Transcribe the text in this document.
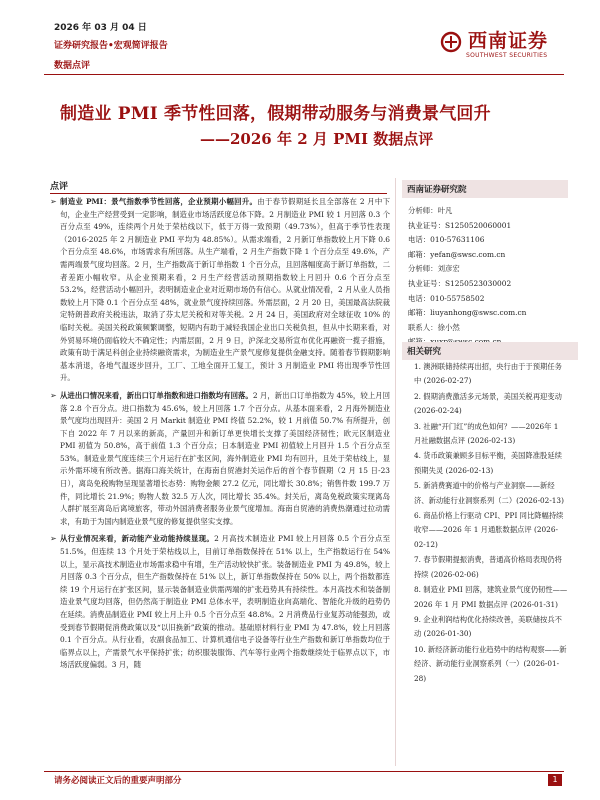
2026 年 03 月 04 日
证券研究报告•宏观简评报告
数据点评
西南证券
SOUTHWEST SECURITIES
制造业 PMI 季节性回落，假期带动服务与消费景气回升
——2026 年 2 月 PMI 数据点评
点评

➢ 制造业 PMI：景气指数季节性回落，企业预期小幅回升。由于春节假期延长且全部落在 2 月中下旬，企业生产经营受到一定影响，制造业市场活跃度总体下降。2 月制造业 PMI 较 1 月回落 0.3 个百分点至 49%，连续两个月处于荣枯线以下，低于万得一致预期（49.73%），但高于季节性表现（2016-2025 年 2 月制造业 PMI 平均为 48.85%）。从需求端看，2 月新订单指数较上月下降 0.6 个百分点至 48.6%，市场需求有所回落。从生产端看，2 月生产指数下降 1 个百分点至 49.6%，产需两端景气度均回落。2 月，生产指数高于新订单指数 1 个百分点，且回落幅度高于新订单指数，二者差距小幅收窄。从企业预期来看，2 月生产经营活动预期指数较上月回升 0.6 个百分点至 53.2%，经营活动小幅回升，表明制造业企业对近期市场仍有信心。从就业情况看，2 月从业人员指数较上月下降 0.1 个百分点至 48%，就业景气度持续回落。外需层面，2 月 20 日，美国最高法院裁定特朗普政府关税违法，取消了芬太尼关税和对等关税。2 月 24 日，美国政府对全球征收 10% 的临时关税。美国关税政策频繁调整，短期内有助于减轻我国企业出口关税负担，但从中长期来看，对外贸易环境仍面临较大不确定性；内需层面，2 月 9 日，沪深北交易所宣布优化再融资一揽子措施，政策有助于满足科创企业持续融资需求，为制造业生产景气度修复提供金融支持。随着春节假期影响基本消退，各地气温逐步回升，工厂、工地全面开工复工，预计 3 月制造业 PMI 将出现季节性回升。

➢ 从进出口情况来看，新出口订单指数和进口指数均有回落。2 月，新出口订单指数为 45%，较上月回落 2.8 个百分点。进口指数为 45.6%，较上月回落 1.7 个百分点。从基本面来看，2 月海外制造业景气度均出现回升：美国 2 月 Markit 制造业 PMI 终值 52.2%，较 1 月前值 50.7% 有所提升，创下自 2022 年 7 月以来的新高，产量回升和新订单更快增长支撑了美国经济韧性；欧元区制造业 PMI 初值为 50.8%，高于前值 1.3 个百分点；日本制造业 PMI 初值较上月回升 1.5 个百分点至 53%。制造业景气度连续三个月运行在扩张区间，海外制造业 PMI 均有回升，且处于荣枯线上，显示外需环境有所改善。据海口海关统计，在海南自贸港封关运作后的首个春节假期（2 月 15 日-23 日），离岛免税购物呈现显著增长态势：购物金额 27.2 亿元，同比增长 30.8%；销售件数 199.7 万件，同比增长 21.9%；购物人数 32.5 万人次，同比增长 35.4%。封关后，离岛免税政策实现离岛人群扩展至离岛后离境旅客，带动外国消费者服务业景气度增加。海南自贸港的消费热潮通过拉动需求，有助于为国内制造业景气度的修复提供坚实支撑。

➢ 从行业情况来看，新动能产业动能持续显现。2 月高技术制造业 PMI 较上月回落 0.5 个百分点至 51.5%，但连续 13 个月处于荣枯线以上，目前订单指数保持在 51% 以上，生产指数运行在 54% 以上，显示高技术制造业市场需求稳中有增，生产活动较快扩张。装备制造业 PMI 为 49.8%，较上月回落 0.3 个百分点，但生产指数保持在 51% 以上，新订单指数保持在 50% 以上，两个指数都连续 19 个月运行在扩张区间，显示装备制造业供需两端的扩张趋势具有持续性。本月高技术和装备制造业景气度均回落，但仍然高于制造业 PMI 总体水平，表明制造业向高端化、智能化升级的趋势仍在延续。消费品制造业 PMI 较上月上升 0.5 个百分点至 48.8%。2 月消费品行业复苏动能强劲，或受到春节假期促消费政策以及“以旧换新”政策的推动。基础原材料行业 PMI 为 47.8%，较上月回落 0.1 个百分点。从行业看，农副食品加工、计算机通信电子设备等行业生产指数和新订单指数均位于临界点以上，产需景气水平保持扩张；纺织服装服饰、汽车等行业两个指数继续处于临界点以下，市场活跃度偏弱。3 月，随

西南证券研究院
分析师：叶凡
执业证号：S1250520060001
电话：010-57631106
邮箱：yefan@swsc.com.cn
分析师：刘彦宏
执业证号：S1250523030002
电话：010-55758502
邮箱：liuyanhong@swsc.com.cn
联系人：徐小然
相关研究
1. 澳洲联储持续再出招，央行由于于预期任务中 (2026-02-27)
2. 假期消费激活多元场景，美国关税再迎变动 (2026-02-24)
3. 社融“开门红”的成色如何？——2026年 1 月社融数据点评 (2026-02-13)
4. 货币政策兼顾多目标平衡，美国降准股延续预期失灵 (2026-02-13)
5. 新消费赛道中的价格与产业洞察——新经济、新动能行业洞察系列（二）(2026-02-13)
6. 商品价格上行驱动 CPI、PPI 同比降幅持续收窄——2026 年 1 月通胀数据点评 (2026-02-12)
7. 春节假期提振消费，普通高价格局表现仍将持续 (2026-02-06)
8. 制造业 PMI 回落，建筑业景气度仍韧性——2026 年 1 月 PMI 数据点评 (2026-01-31)
9. 企业利润结构优化持续改善，美联储按兵不动 (2026-01-30)
10. 新经济新动能行业趋势中的结构观察——新经济、新动能行业洞察系列（一）(2026-01-28)
请务必阅读正文后的重要声明部分	1
